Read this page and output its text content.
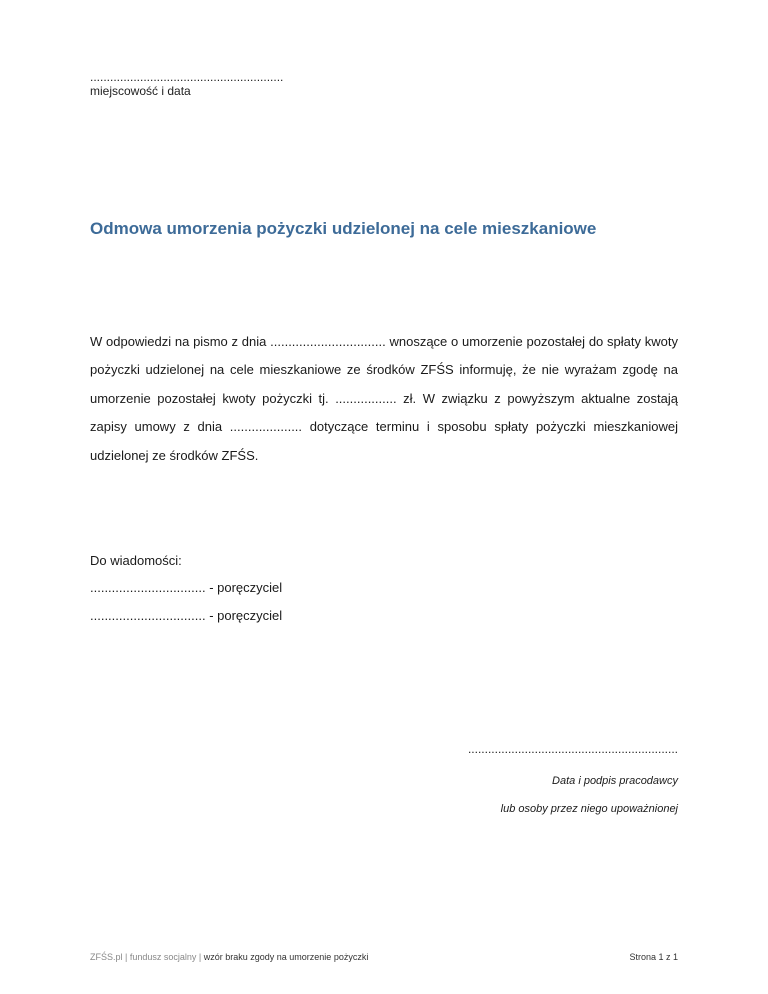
..........................................................
miejscowość i data
Odmowa umorzenia pożyczki udzielonej na cele mieszkaniowe
W odpowiedzi na pismo z dnia ................................ wnoszące o umorzenie pozostałej do spłaty kwoty pożyczki udzielonej na cele mieszkaniowe ze środków ZFŚS informuję, że nie wyrażam zgodę na umorzenie pozostałej kwoty pożyczki tj. ................. zł. W związku z powyższym aktualne zostają zapisy umowy z dnia .................... dotyczące terminu i sposobu spłaty pożyczki mieszkaniowej udzielonej ze środków ZFŚS.
Do wiadomości:
................................ - poręczyciel
................................ - poręczyciel
...............................................................
Data i podpis pracodawcy
lub osoby przez niego upoważnionej
ZFŚS.pl | fundusz socjalny | wzór braku zgody na umorzenie pożyczki	Strona 1 z 1
